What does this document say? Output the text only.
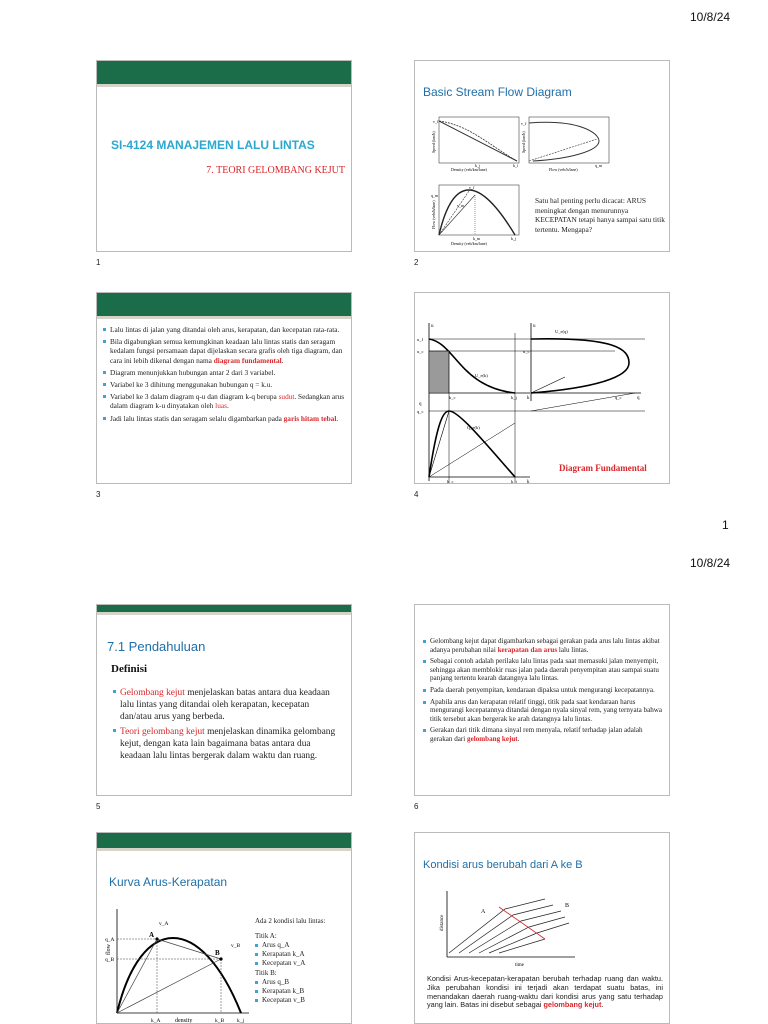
10/8/24
1
10/8/24
SI-4124 MANAJEMEN LALU LINTAS
7. TEORI GELOMBANG KEJUT
1
Basic Stream Flow Diagram
Density (veh/km/lane)
Speed (km/h)
v_f
k_j	k_i
Flow (veh/h/lane)
Speed (km/h)
v_f
q_m
v_f
v_m
Flow (veh/h/lane)
q_m
k_m	k_j
Density (veh/km/lane)
Satu hal penting perlu dicacat: ARUS meningkat dengan menurunnya KECEPATAN tetapi hanya sampai satu titik tertentu. Mengapa?
2
Lalu lintas di jalan yang ditandai oleh arus, kerapatan, dan kecepatan rata-rata.
Bila digabungkan semua kemungkinan keadaan lalu lintas statis dan seragam kedalam fungsi persamaan dapat dijelaskan secara grafis oleh tiga diagram, dan cara ini lebih dikenal dengan nama diagram fundamental.
Diagram menunjukkan hubungan antar 2 dari 3 variabel.
Variabel ke 3 dihitung menggunakan hubungan q = k.u.
Variabel ke 3 dalam diagram q-u dan diagram k-q berupa sudut. Sedangkan arus dalam diagram k-u dinyatakan oleh luas.
Jadi lalu lintas statis dan seragam selalu digambarkan pada garis hitam tebal.
3
u
u_f
u_c
U_e(k)
k_c	k_j k
u
U_e(q)
u_c
q_c	q
q
q_c
Q_e(k)
k_c	k_j k
Diagram Fundamental
4
7.1 Pendahuluan
Definisi
Gelombang kejut menjelaskan batas antara dua keadaan lalu lintas yang ditandai oleh kerapatan, kecepatan dan/atau arus yang berbeda.
Teori gelombang kejut menjelaskan dinamika gelombang kejut, dengan kata lain bagaimana batas antara dua keadaan lalu lintas bergerak dalam waktu dan ruang.
5
Gelombang kejut dapat digambarkan sebagai gerakan pada arus lalu lintas akibat adanya perubahan nilai kerapatan dan arus lalu lintas.
Sebagai contoh adalah perilaku lalu lintas pada saat memasuki jalan menyempit, sehingga akan memblokir ruas jalan pada daerah penyempitan atau sampai suatu panjang tertentu kearah datangnya lalu lintas.
Pada daerah penyempitan, kendaraan dipaksa untuk mengurangi kecepatannya.
Apabila arus dan kerapatan relatif tinggi, titik pada saat kendaraan harus mengurangi kecepatannya ditandai dengan nyala sinyal rem, yang ternyata bahwa titik tersebut akan bergerak ke arah datangnya lalu lintas.
Gerakan dari titik dimana sinyal rem menyala, relatif terhadap jalan adalah gerakan dari gelombang kejut.
6
Kurva Arus-Kerapatan
A
B
v_A
v_B
q_A
q_B
flow
k_A density	k_B k_j
Ada 2 kondisi lalu lintas:
Titik A:
Arus q_A
Kerapatan k_A
Kecepatan v_A
Titik B:
Arus q_B
Kerapatan k_B
Kecepatan v_B
Kondisi arus berubah dari A ke B
A
B
distance
time
Kondisi Arus-kecepatan-kerapatan berubah terhadap ruang dan waktu. Jika perubahan kondisi ini terjadi akan terdapat suatu batas, ini menandakan daerah ruang-waktu dari kondisi arus yang satu terhadap yang lain. Batas ini disebut sebagai gelombang kejut.
